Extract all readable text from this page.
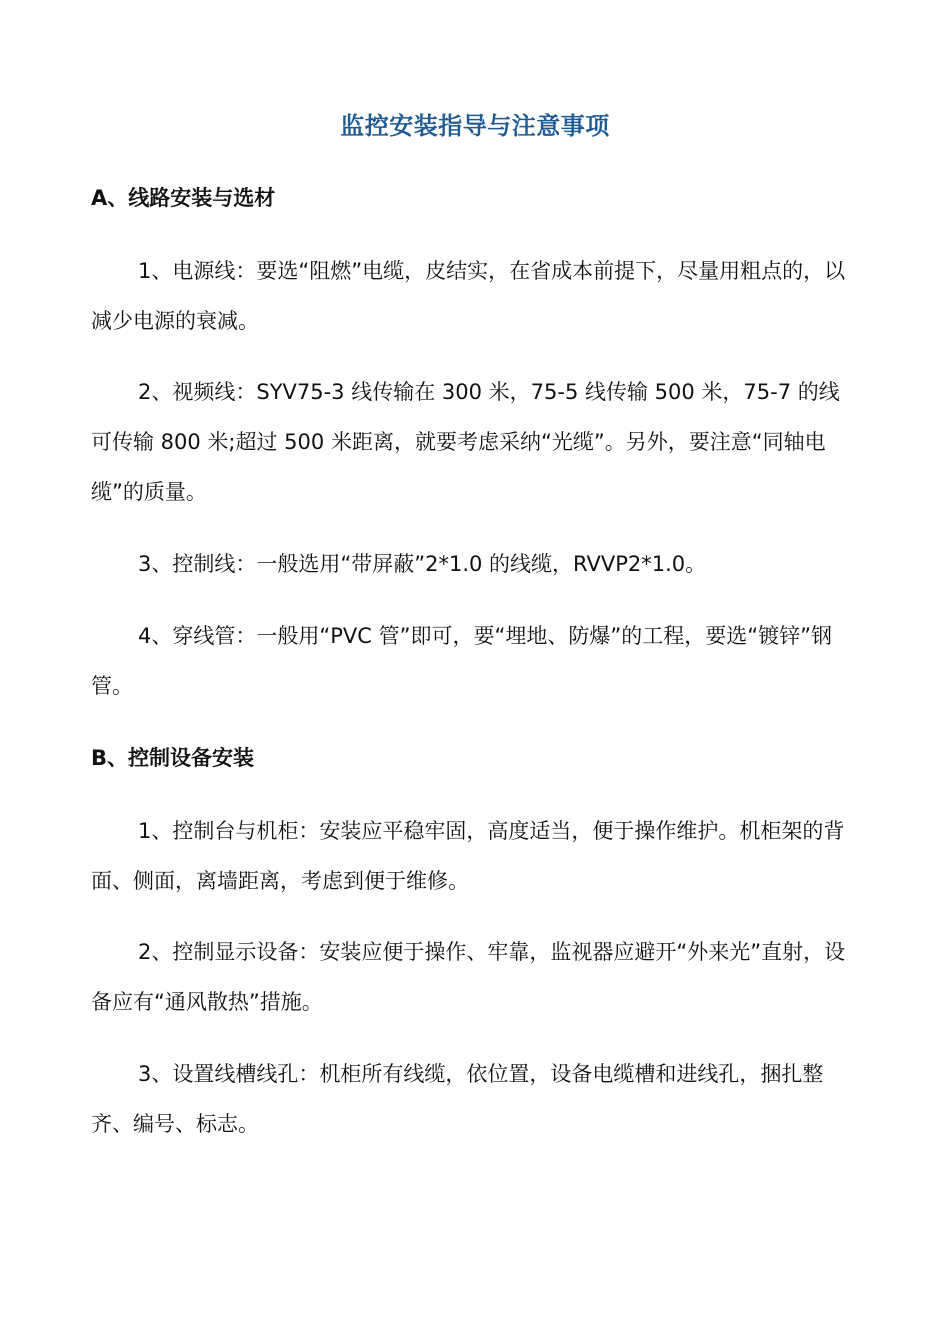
监控安装指导与注意事项
A、线路安装与选材
1、电源线：要选“阻燃”电缆，皮结实，在省成本前提下，尽量用粗点的，以减少电源的衰减。
2、视频线：SYV75-3 线传输在 300 米，75-5 线传输 500 米，75-7 的线可传输 800 米;超过 500 米距离，就要考虑采纳“光缆”。另外，要注意“同轴电缆”的质量。
3、控制线：一般选用“带屏蔽”2*1.0 的线缆，RVVP2*1.0。
4、穿线管：一般用“PVC 管”即可，要“埋地、防爆”的工程，要选“镀锌”钢管。
B、控制设备安装
1、控制台与机柜：安装应平稳牢固，高度适当，便于操作维护。机柜架的背面、侧面，离墙距离，考虑到便于维修。
2、控制显示设备：安装应便于操作、牢靠，监视器应避开“外来光”直射，设备应有“通风散热”措施。
3、设置线槽线孔：机柜所有线缆，依位置，设备电缆槽和进线孔，捆扎整齐、编号、标志。
